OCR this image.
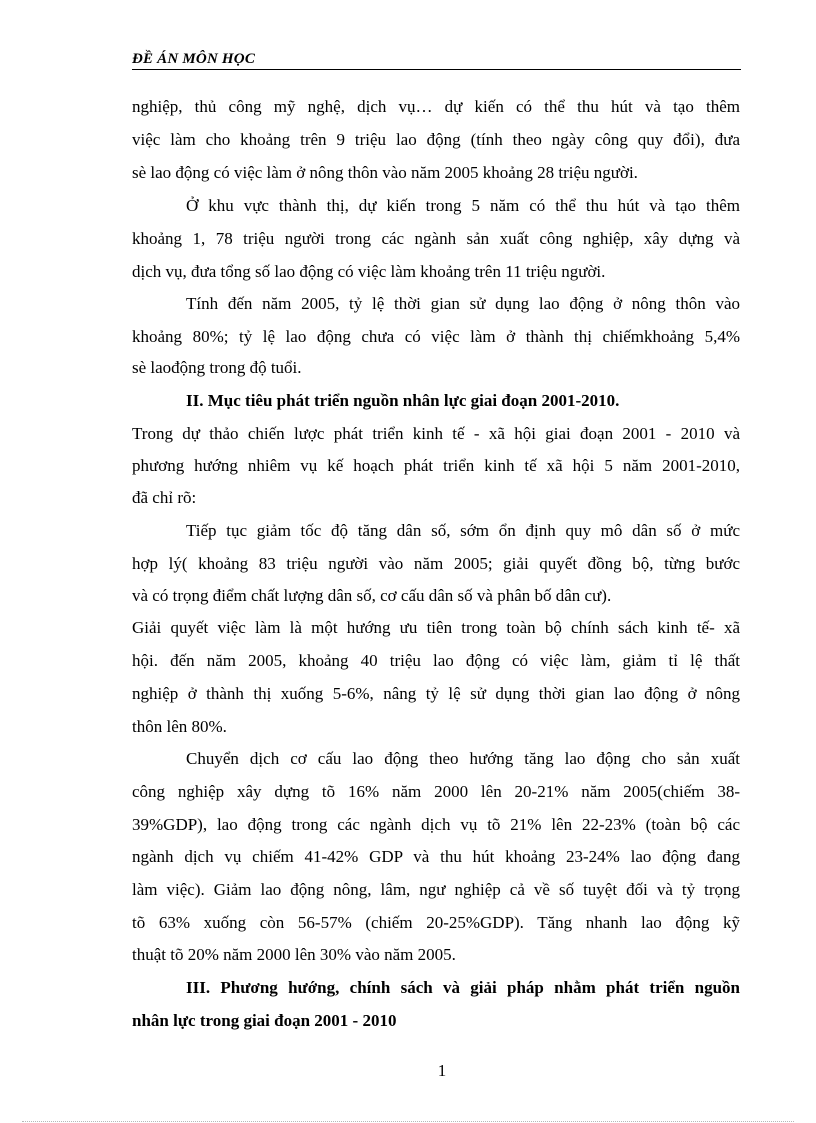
ĐỀ ÁN MÔN HỌC
nghiệp, thủ công mỹ nghệ, dịch vụ… dự kiến có thể thu hút và tạo thêm
việc làm cho khoảng trên 9 triệu lao động (tính theo ngày công quy đổi), đưa
sè lao động có việc làm ở nông thôn vào năm 2005 khoảng 28 triệu người.
Ở khu vực thành thị, dự kiến trong 5 năm có thể thu hút và tạo thêm
khoảng 1, 78 triệu người trong các ngành sản xuất công nghiệp, xây dựng và
dịch vụ, đưa tổng số lao động có việc làm khoảng trên 11 triệu người.
Tính đến năm 2005, tỷ lệ thời gian sử dụng lao động ở nông thôn vào
khoảng 80%; tỷ lệ lao động chưa có việc làm ở thành thị chiếmkhoảng 5,4%
sè laođộng trong độ tuổi.
II. Mục tiêu phát triển nguồn nhân lực giai đoạn 2001-2010.
Trong dự thảo chiến lược phát triển kinh tế - xã hội giai đoạn 2001 - 2010 và
phương hướng nhiêm vụ kế hoạch phát triển kinh tế xã hội 5 năm 2001-2010,
đã chỉ rõ:
Tiếp tục giảm tốc độ tăng dân số, sớm ổn định quy mô dân số ở mức
hợp lý( khoảng 83 triệu người vào năm 2005; giải quyết đồng bộ, từng bước
và có trọng điểm chất lượng dân số, cơ cấu dân số và phân bố dân cư).
Giải quyết việc làm là một hướng ưu tiên trong toàn bộ chính sách kinh tế- xã
hội. đến năm 2005, khoảng 40 triệu lao động có việc làm, giảm tỉ lệ thất
nghiệp ở thành thị xuống 5-6%, nâng tỷ lệ sử dụng thời gian lao động ở nông
thôn lên 80%.
Chuyển dịch cơ cấu lao động theo hướng tăng lao động cho sản xuất
công nghiệp xây dựng tõ 16% năm 2000 lên 20-21% năm 2005(chiếm 38-
39%GDP), lao động trong các ngành dịch vụ tõ 21% lên 22-23% (toàn bộ các
ngành dịch vụ chiếm 41-42% GDP và thu hút khoảng 23-24% lao động đang
làm việc). Giảm lao động nông, lâm, ngư nghiệp cả về số tuyệt đối và tỷ trọng
tõ 63% xuống còn 56-57% (chiếm 20-25%GDP). Tăng nhanh lao động kỹ
thuật tõ 20% năm 2000 lên 30% vào năm 2005.
III. Phương hướng, chính sách và giải pháp nhằm phát triển nguồn
nhân lực trong giai đoạn 2001 - 2010
1
